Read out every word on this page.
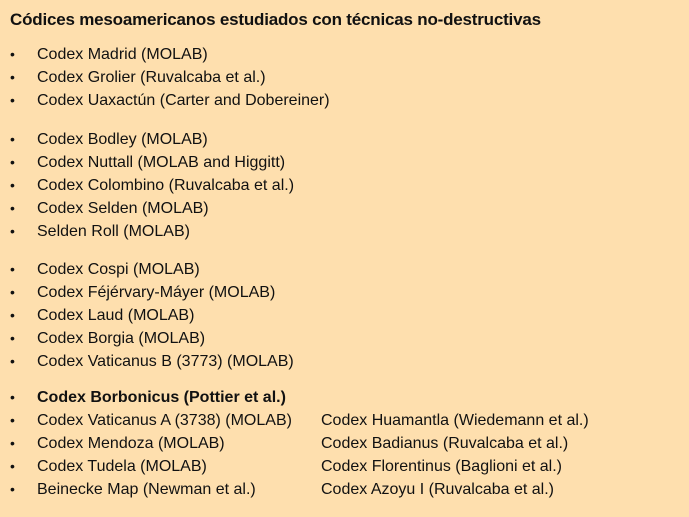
Códices mesoamericanos estudiados con técnicas no-destructivas
• Codex Madrid (MOLAB)
• Codex Grolier (Ruvalcaba et al.)
• Codex Uaxactún (Carter and Dobereiner)
• Codex Bodley (MOLAB)
• Codex Nuttall (MOLAB and Higgitt)
• Codex Colombino (Ruvalcaba et al.)
• Codex Selden (MOLAB)
• Selden Roll (MOLAB)
• Codex Cospi (MOLAB)
• Codex Féjérvary-Máyer (MOLAB)
• Codex Laud (MOLAB)
• Codex Borgia (MOLAB)
• Codex Vaticanus B (3773) (MOLAB)
• Codex Borbonicus (Pottier et al.)
• Codex Vaticanus A (3738) (MOLAB) Codex Huamantla (Wiedemann et al.)
• Codex Mendoza (MOLAB)	Codex Badianus (Ruvalcaba et al.)
• Codex Tudela (MOLAB)	Codex Florentinus (Baglioni et al.)
• Beinecke Map (Newman et al.)	Codex Azoyu I (Ruvalcaba et al.)
